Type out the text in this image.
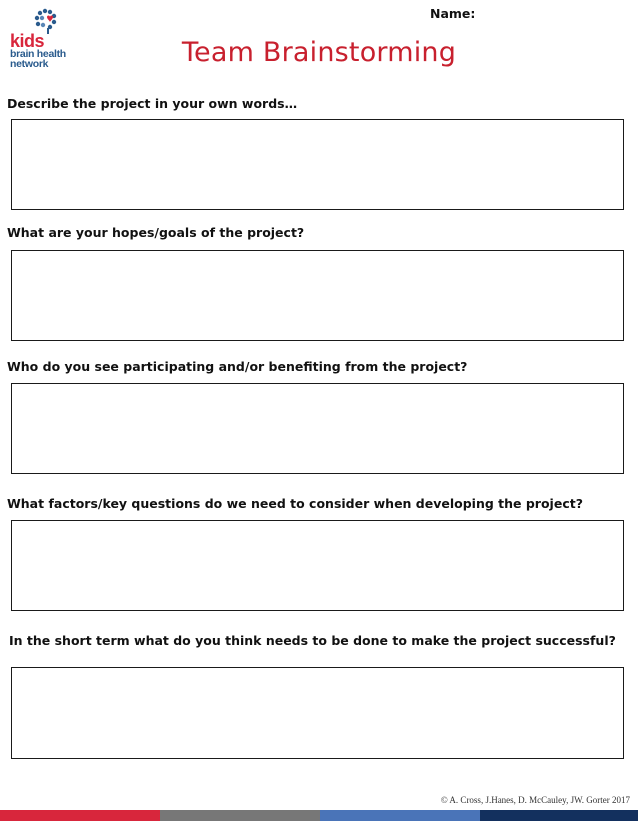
kids
brain health
network
Name:
Team Brainstorming
Describe the project in your own words…
What are your hopes/goals of the project?
Who do you see participating and/or benefiting from the project?
What factors/key questions do we need to consider when developing the project?
In the short term what do you think needs to be done to make the project successful?
© A. Cross, J.Hanes, D. McCauley, JW. Gorter 2017
